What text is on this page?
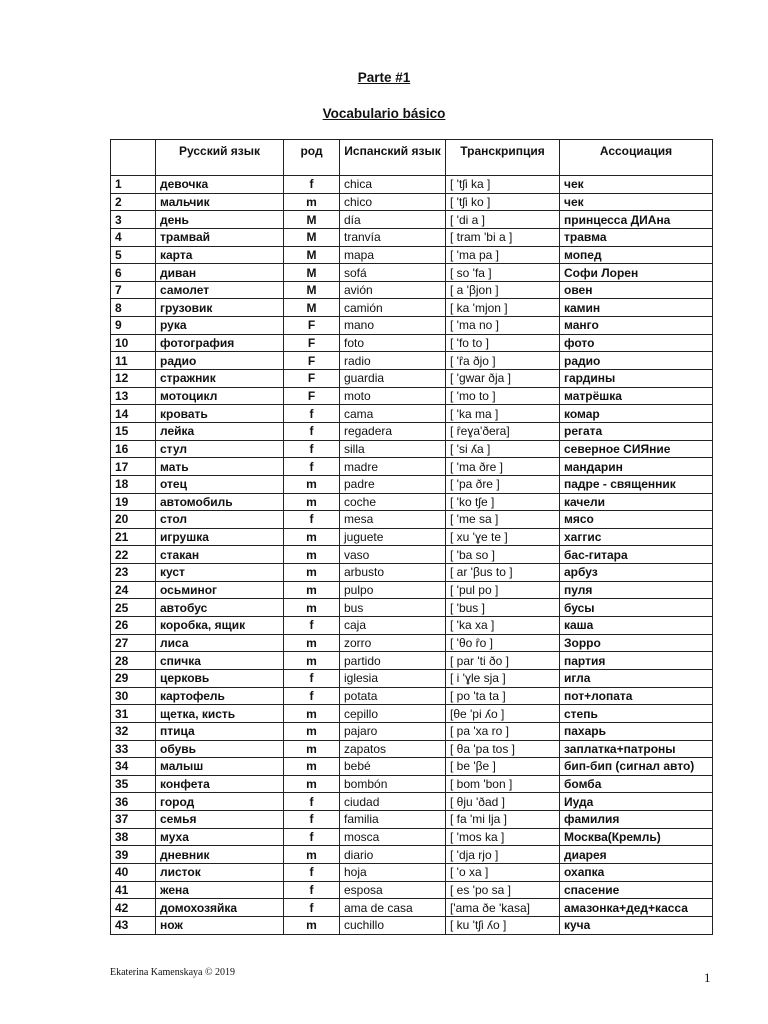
Parte #1
Vocabulario básico
	Русский язык	род	Испанский язык	Транскрипция	Ассоциация
1	девочка	f	chica	[ 'tʃi ka ]	чек
2	мальчик	m	chico	[ 'tʃi ko ]	чек
3	день	M	día	[ 'di a ]	принцесса ДИАна
4	трамвай	M	tranvía	[ tram 'bi a ]	травма
5	карта	M	mapa	[ 'ma pa ]	мопед
6	диван	M	sofá	[ so 'fa ]	Софи Лорен
7	самолет	M	avión	[ a 'βjon ]	овен
8	грузовик	M	camión	[ ka 'mjon ]	камин
9	рука	F	mano	[ 'ma no ]	манго
10	фотография	F	foto	[ 'fo to ]	фото
11	радио	F	radio	[ 'ȓa ðjo ]	радио
12	стражник	F	guardia	[ 'gwar ðja ]	гардины
13	мотоцикл	F	moto	[ 'mo to ]	матрёшка
14	кровать	f	cama	[ 'ka ma ]	комар
15	лейка	f	regadera	[ ȓeɣa'ðera]	регата
16	стул	f	silla	[ 'si ʎa ]	северное СИЯние
17	мать	f	madre	[ 'ma ðre ]	мандарин
18	отец	m	padre	[ 'pa ðre ]	падре - священник
19	автомобиль	m	coche	[ 'ko tʃe ]	качели
20	стол	f	mesa	[ 'me sa ]	мясо
21	игрушка	m	juguete	[ xu 'ɣe te ]	хаггис
22	стакан	m	vaso	[ 'ba so ]	бас-гитара
23	куст	m	arbusto	[ ar 'βus to ]	арбуз
24	осьминог	m	pulpo	[ 'pul po ]	пуля
25	автобус	m	bus	[ 'bus ]	бусы
26	коробка, ящик	f	caja	[ 'ka xa ]	каша
27	лиса	m	zorro	[ 'θo ȓo ]	Зорро
28	спичка	m	partido	[ par 'ti ðo ]	партия
29	церковь	f	iglesia	[ i 'ɣle sja ]	игла
30	картофель	f	potata	[ po 'ta ta ]	пот+лопата
31	щетка, кисть	m	cepillo	[θe 'pi ʎo ]	степь
32	птица	m	pajaro	[ pa 'xa ro ]	пахарь
33	обувь	m	zapatos	[ θa 'pa tos ]	заплатка+патроны
34	малыш	m	bebé	[ be 'βe ]	бип-бип (сигнал авто)
35	конфета	m	bombón	[ bom 'bon ]	бомба
36	город	f	ciudad	[ θju 'ðad ]	Иуда
37	семья	f	familia	[ fa 'mi lja ]	фамилия
38	муха	f	mosca	[ 'mos ka ]	Москва(Кремль)
39	дневник	m	diario	[ 'dja rjo ]	диарея
40	листок	f	hoja	[ 'o xa ]	охапка
41	жена	f	esposa	[ es 'po sa ]	спасение
42	домохозяйка	f	ama de casa	['ama ðe 'kasa]	амазонка+дед+касса
43	нож	m	cuchillo	[ ku 'tʃi ʎo ]	куча
Ekaterina Kamenskaya © 2019	1
